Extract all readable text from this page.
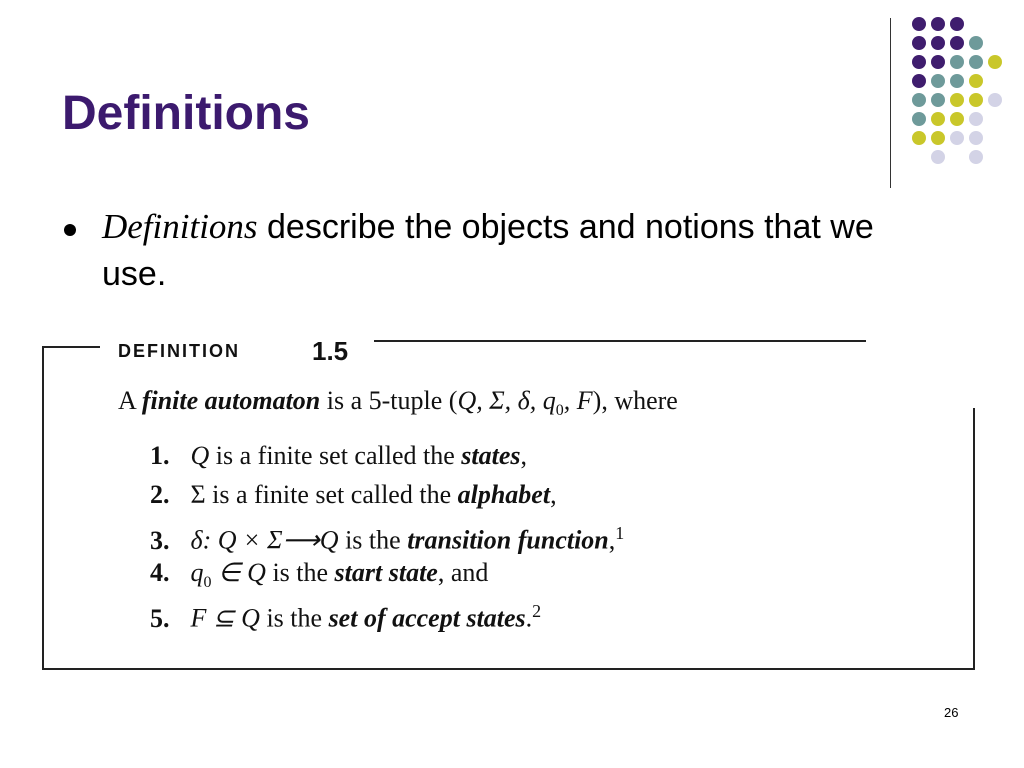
Definitions
Definitions describe the objects and notions that we use.
DEFINITION	1.5
A finite automaton is a 5-tuple (Q, Σ, δ, $q_0$, F), where
1. Q is a finite set called the states,
2. Σ is a finite set called the alphabet,
3. δ: Q × Σ⟶Q is the transition function,$^1$
4. $q_0$ ∈ Q is the start state, and
5. F ⊆ Q is the set of accept states.$^2$
26
